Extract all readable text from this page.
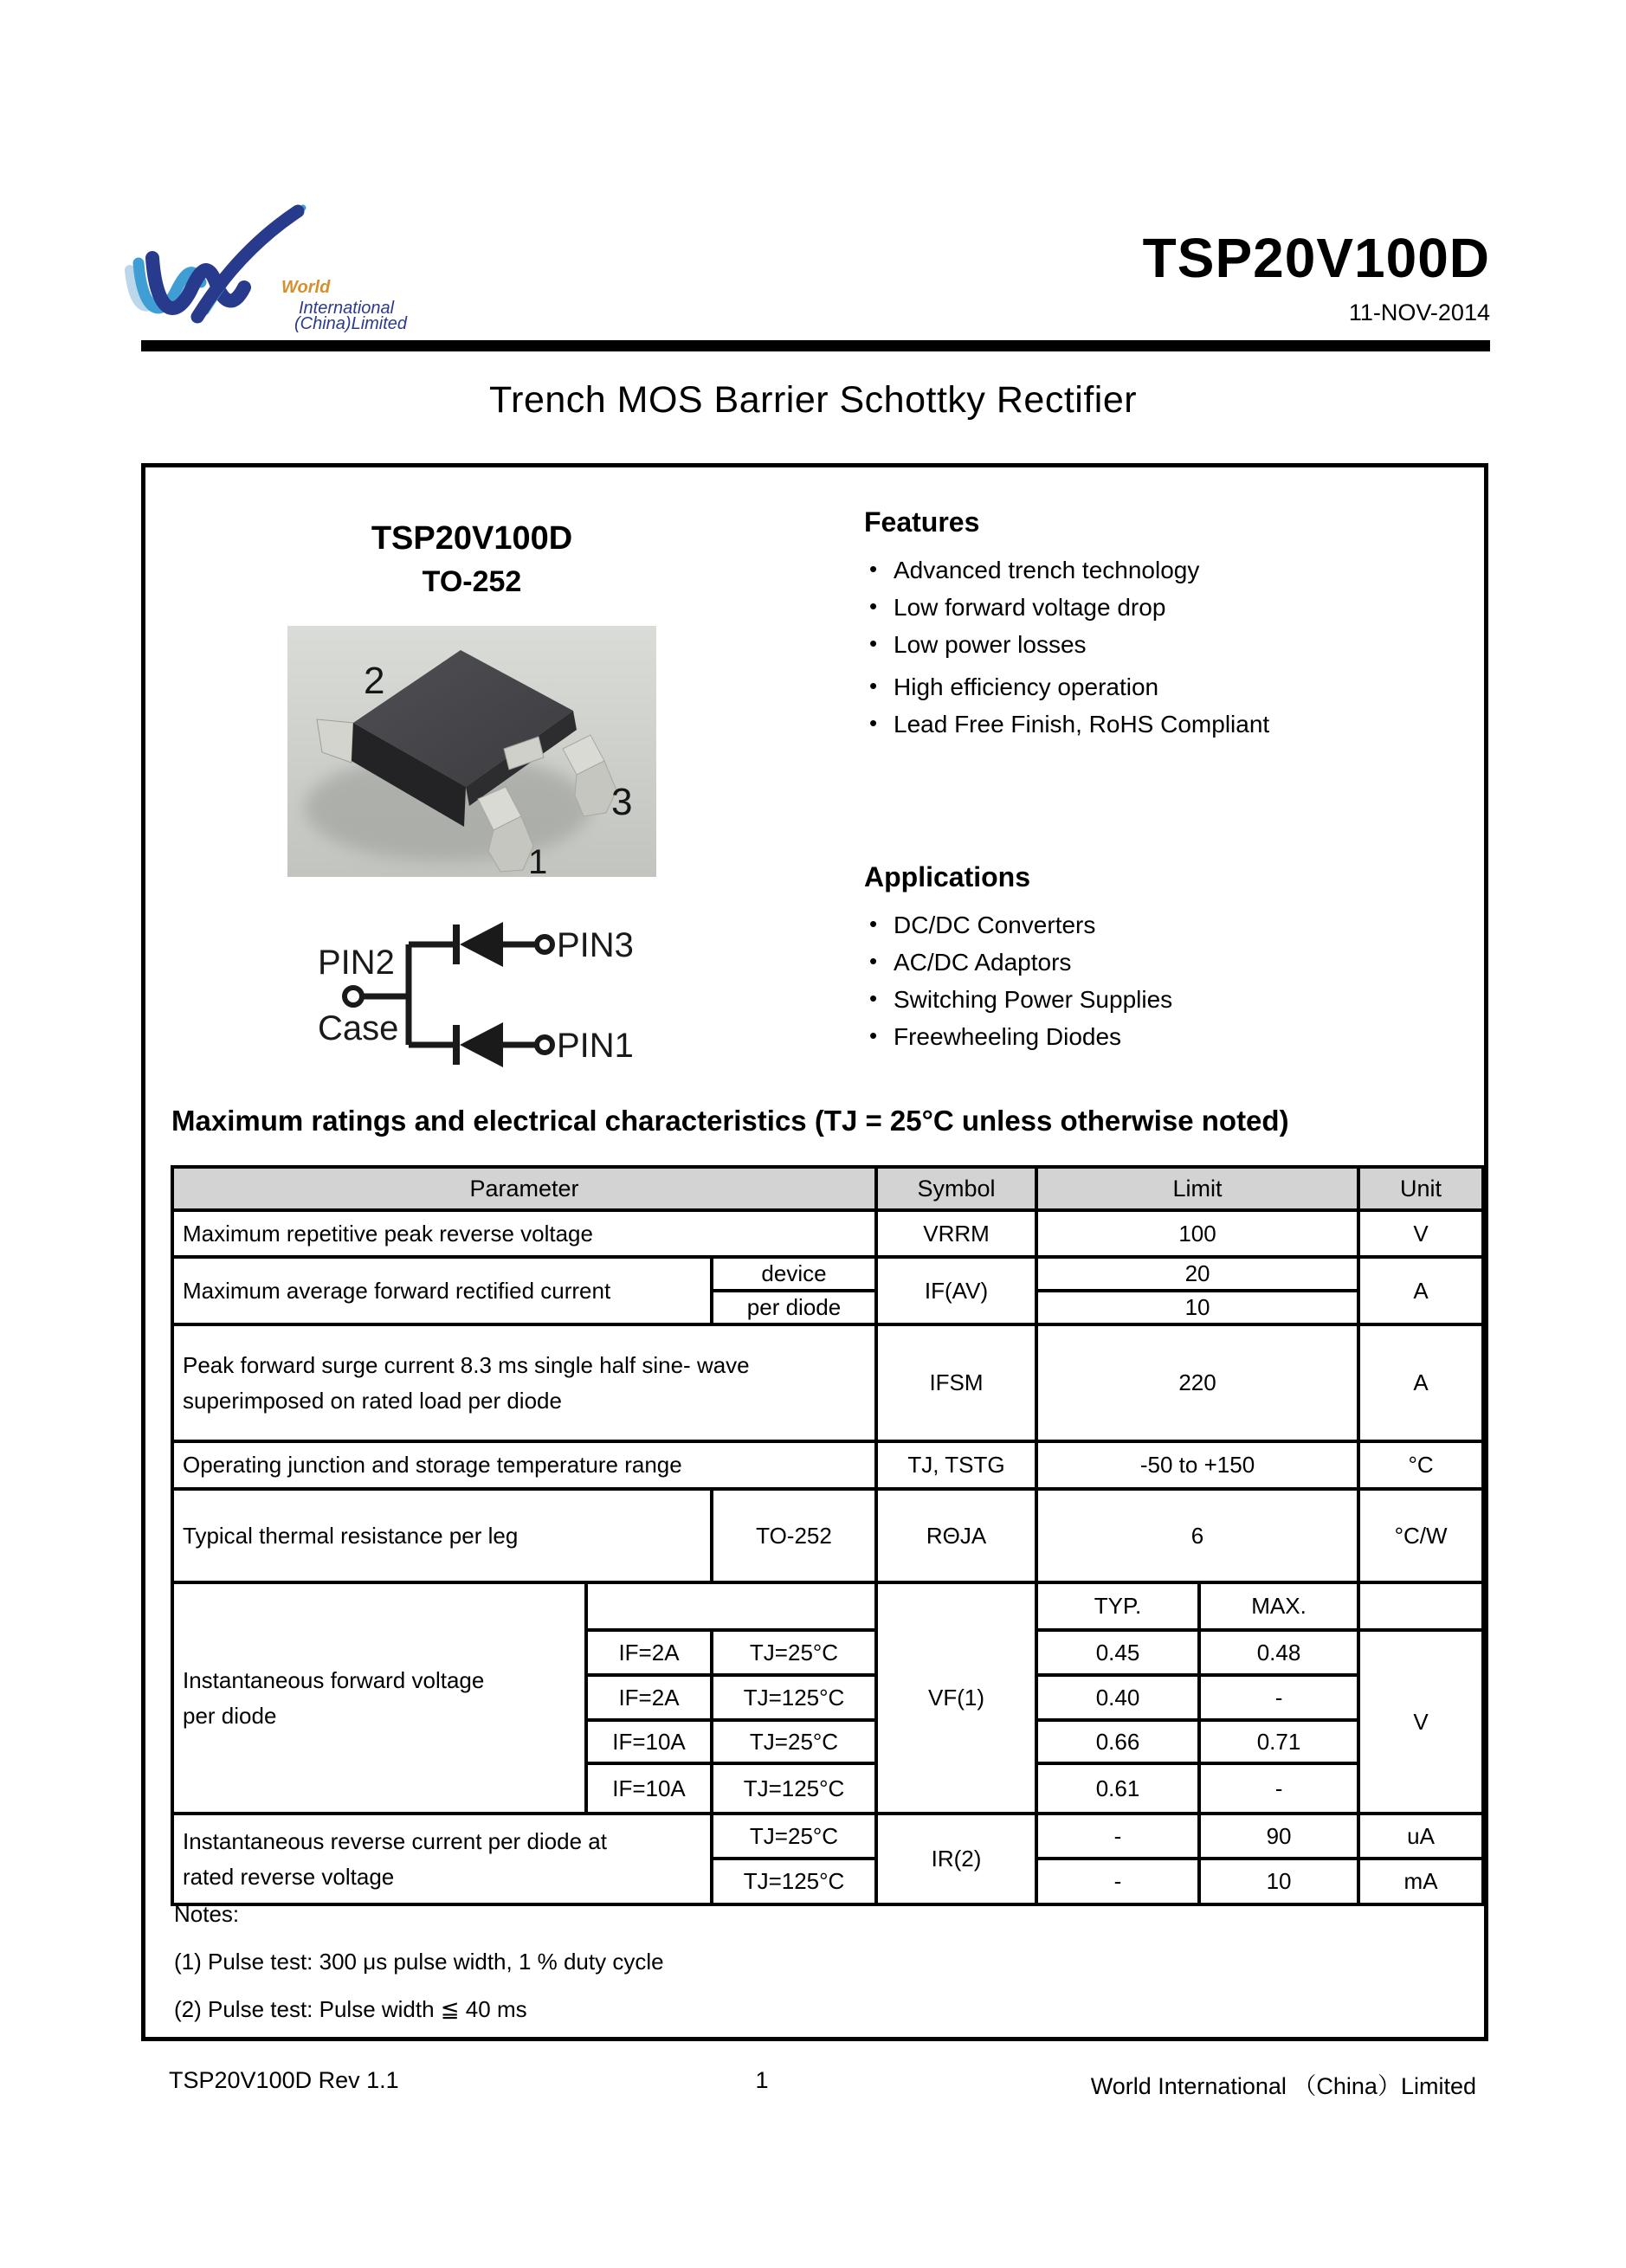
World
International
(China)Limited
TSP20V100D
11-NOV-2014
Trench MOS Barrier Schottky Rectifier
TSP20V100D
TO-252
2
3
1
PIN2
Case
PIN3
PIN1
Features
• Advanced trench technology
• Low forward voltage drop
• Low power losses
• High efficiency operation
• Lead Free Finish, RoHS Compliant
Applications
• DC/DC Converters
• AC/DC Adaptors
• Switching Power Supplies
• Freewheeling Diodes
Maximum ratings and electrical characteristics (TJ = 25°C unless otherwise noted)
Parameter			Symbol	Limit		Unit
Maximum repetitive peak reverse voltage			VRRM	100		V
Maximum average forward rectified current		device	IF(AV)	20		A
		per diode		10		
Peak forward surge current 8.3 ms single half sine- wave superimposed on rated load per diode			IFSM	220		A
Operating junction and storage temperature range			TJ, TSTG	-50 to +150		°C
Typical thermal resistance per leg		TO-252	RΘJA	6		°C/W
Instantaneous forward voltage per diode			VF(1)	TYP.	MAX.	
	IF=2A	TJ=25°C		0.45	0.48	V
	IF=2A	TJ=125°C		0.40	-	
	IF=10A	TJ=25°C		0.66	0.71	
	IF=10A	TJ=125°C		0.61	-	
Instantaneous reverse current per diode at rated reverse voltage		TJ=25°C	IR(2)	-	90	uA
		TJ=125°C		-	10	mA

Notes:

(1) Pulse test: 300 μs pulse width, 1 % duty cycle

(2) Pulse test: Pulse width ≦ 40 ms

TSP20V100D Rev 1.1	1	World International （China）Limited
